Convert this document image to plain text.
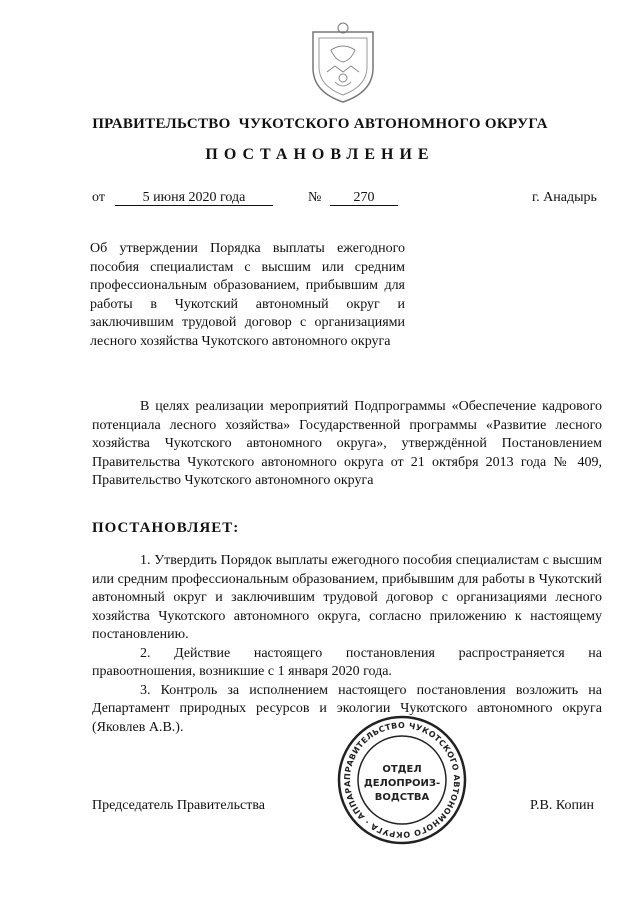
ПРАВИТЕЛЬСТВО  ЧУКОТСКОГО АВТОНОМНОГО ОКРУГА
ПОСТАНОВЛЕНИЕ
от	5 июня 2020 года	№	270	г. Анадырь
Об утверждении Порядка выплаты ежегодного пособия специалистам с высшим или средним профессиональным образованием, прибывшим для работы в Чукотский автономный округ и заключившим трудовой договор с организациями лесного хозяйства Чукотского автономного округа
В целях реализации мероприятий Подпрограммы «Обеспечение кадрового потенциала лесного хозяйства» Государственной программы «Развитие лесного хозяйства Чукотского автономного округа», утверждённой Постановлением Правительства Чукотского автономного округа от 21 октября 2013 года № 409, Правительство Чукотского автономного округа
ПОСТАНОВЛЯЕТ:
1. Утвердить Порядок выплаты ежегодного пособия специалистам с высшим или средним профессиональным образованием, прибывшим для работы в Чукотский автономный округ и заключившим трудовой договор с организациями лесного хозяйства Чукотского автономного округа, согласно приложению к настоящему постановлению.
2. Действие настоящего постановления распространяется на правоотношения, возникшие с 1 января 2020 года.
3. Контроль за исполнением настоящего постановления возложить на Департамент природных ресурсов и экологии Чукотского автономного округа (Яковлев А.В.).
ПРАВИТЕЛЬСТВО ЧУКОТСКОГО АВТОНОМНОГО ОКРУГА · АППАРА
ОТДЕЛ
ДЕЛОПРОИЗ-
ВОДСТВА
Председатель Правительства	Р.В. Копин
